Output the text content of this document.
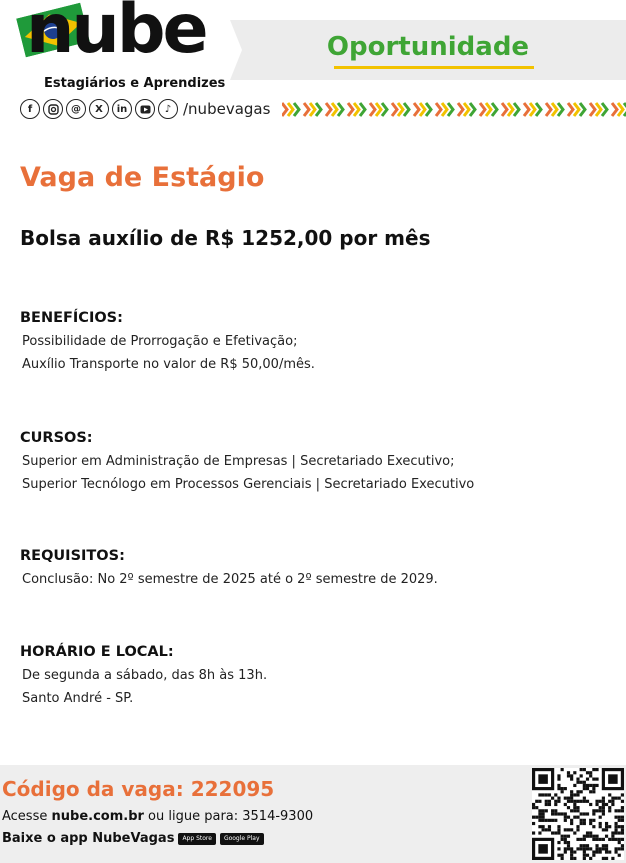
nube
Estagiários e Aprendizes
Oportunidade
f	@	X	in	♪ /nubevagas
Vaga de Estágio
Bolsa auxílio de R$ 1252,00 por mês
BENEFÍCIOS:

Possibilidade de Prorrogação e Efetivação;

Auxílio Transporte no valor de R$ 50,00/mês.

CURSOS:

Superior em Administração de Empresas | Secretariado Executivo;

Superior Tecnólogo em Processos Gerenciais | Secretariado Executivo

REQUISITOS:

Conclusão: No 2º semestre de 2025 até o 2º semestre de 2029.

HORÁRIO E LOCAL:

De segunda a sábado, das 8h às 13h.

Santo André - SP.

Código da vaga: 222095
Acesse nube.com.br ou ligue para: 3514-9300
Baixe o app NubeVagas	App Store	Google Play
